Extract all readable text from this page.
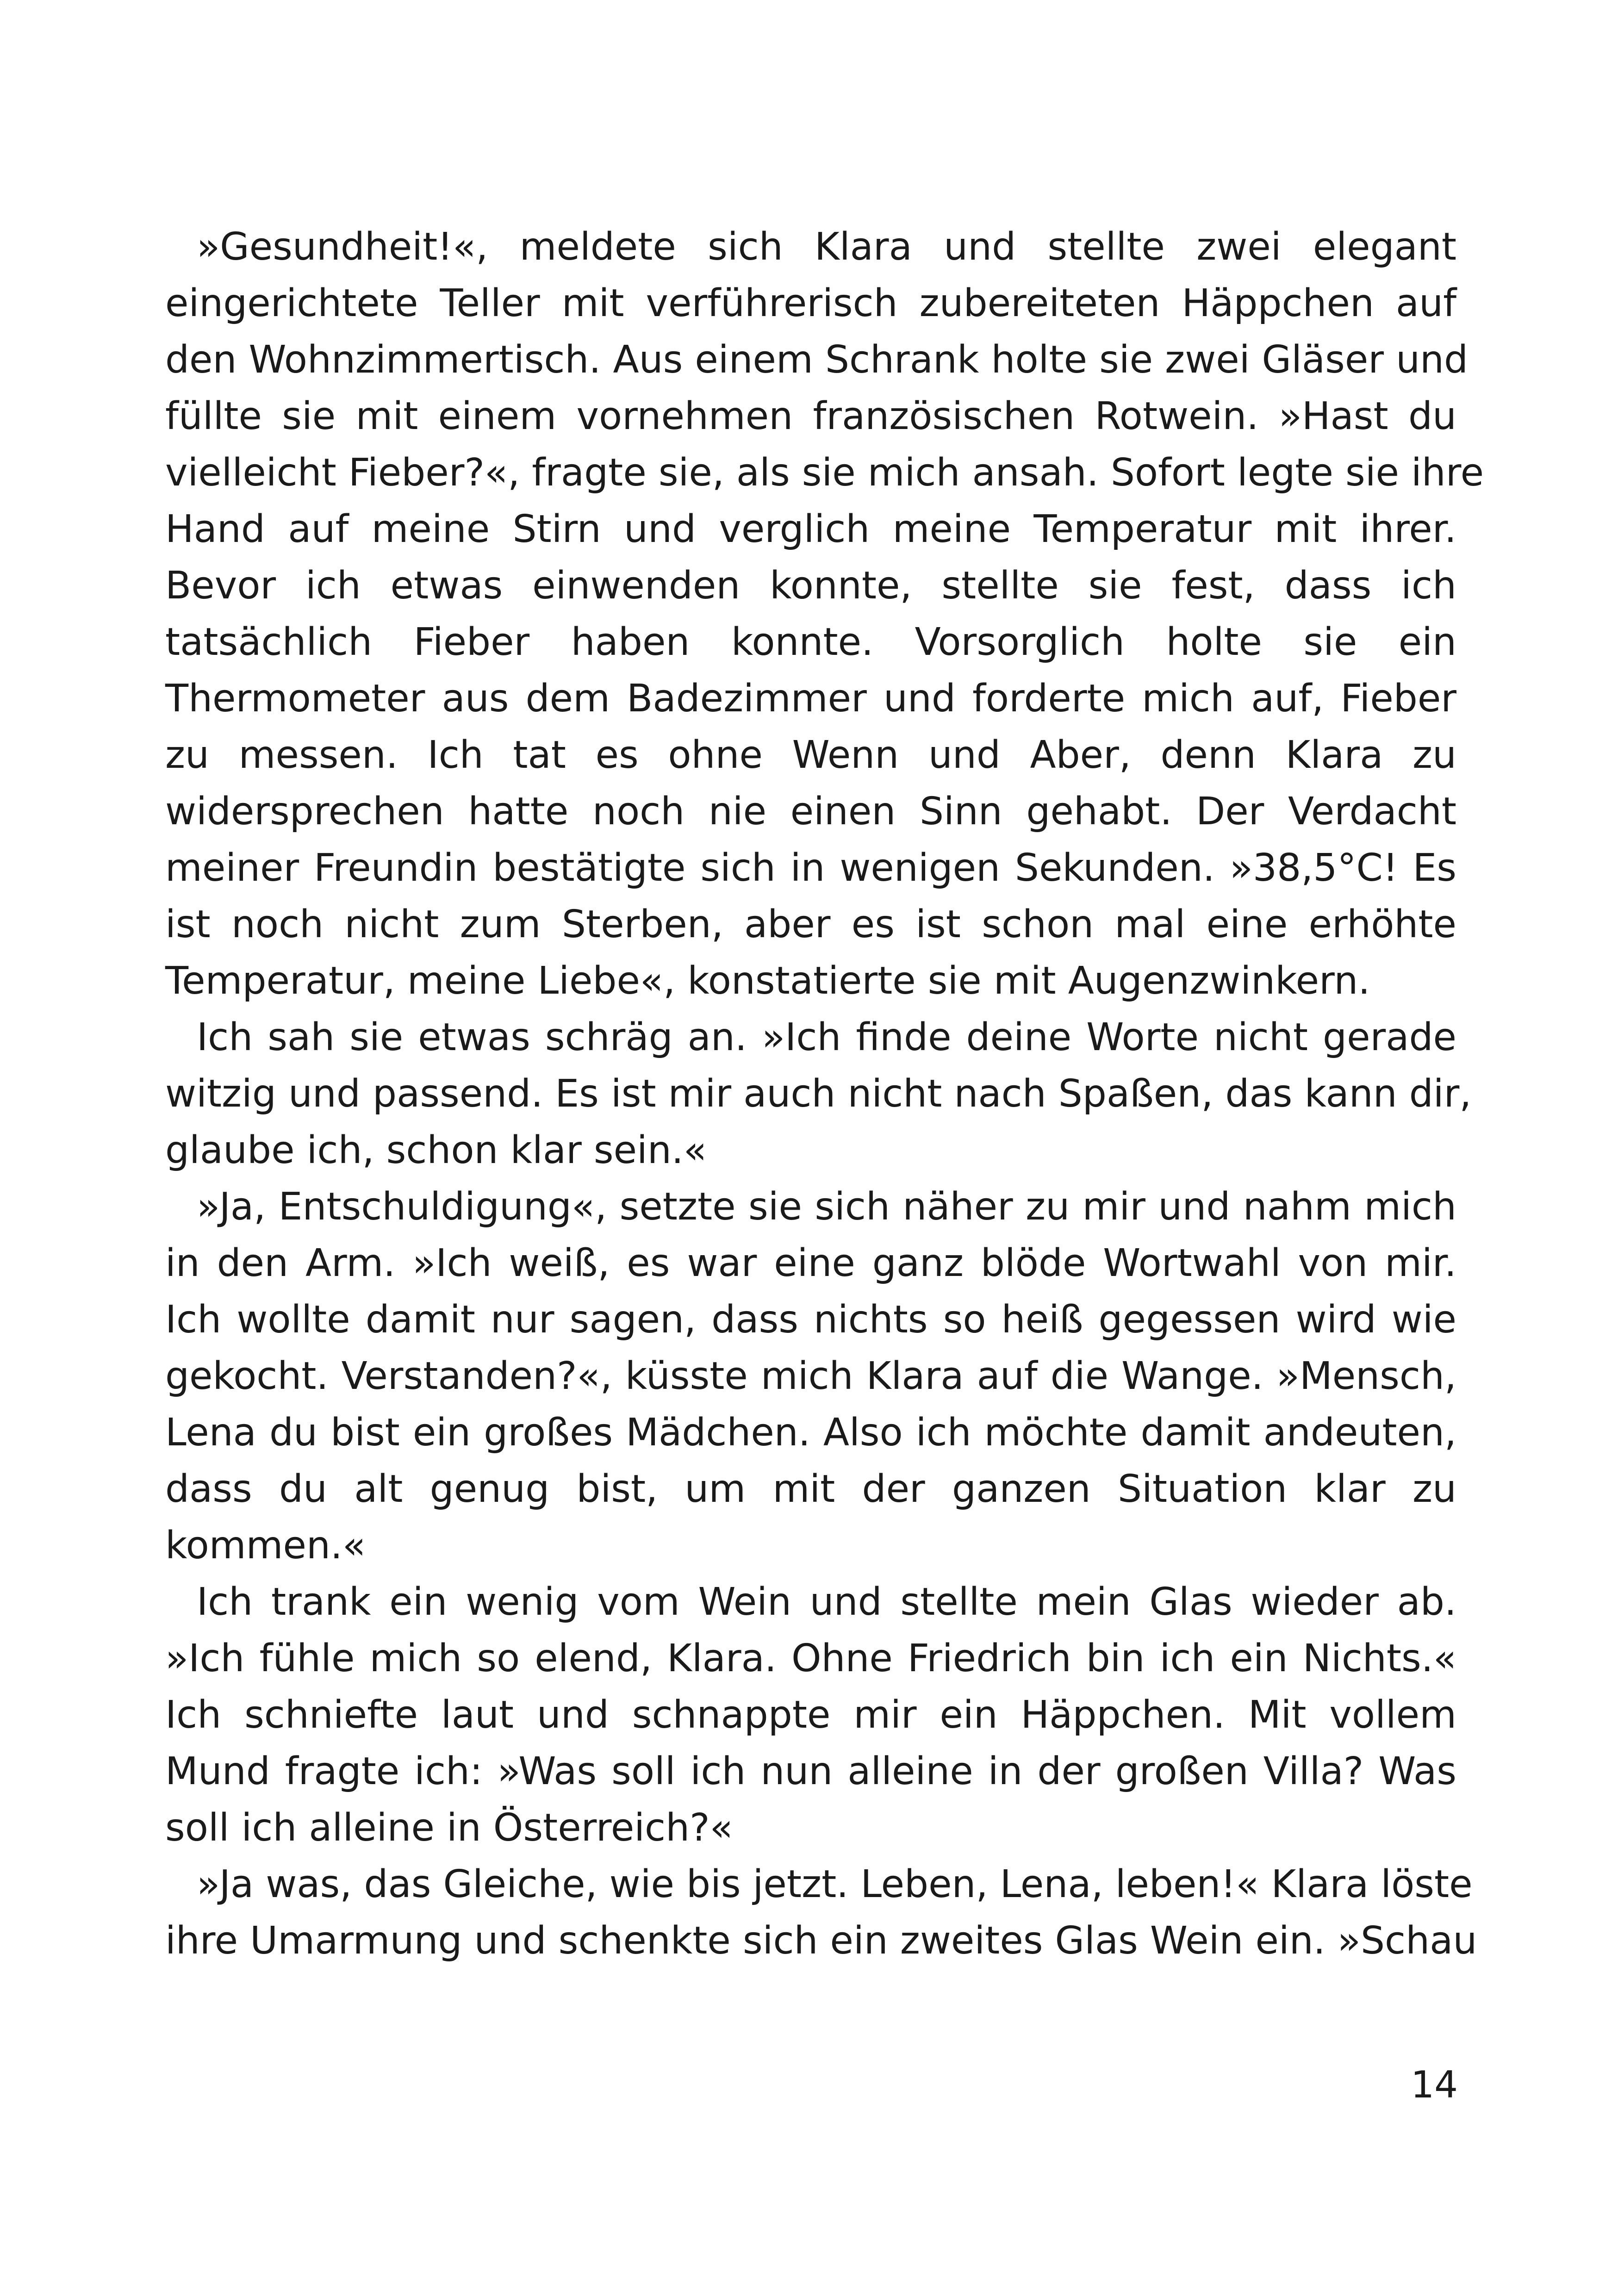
»Gesundheit!«, meldete sich Klara und stellte zwei elegant
eingerichtete Teller mit verführerisch zubereiteten Häppchen auf
den Wohnzimmertisch. Aus einem Schrank holte sie zwei Gläser und
füllte sie mit einem vornehmen französischen Rotwein. »Hast du
vielleicht Fieber?«, fragte sie, als sie mich ansah. Sofort legte sie ihre
Hand auf meine Stirn und verglich meine Temperatur mit ihrer.
Bevor ich etwas einwenden konnte, stellte sie fest, dass ich
tatsächlich Fieber haben konnte. Vorsorglich holte sie ein
Thermometer aus dem Badezimmer und forderte mich auf, Fieber
zu messen. Ich tat es ohne Wenn und Aber, denn Klara zu
widersprechen hatte noch nie einen Sinn gehabt. Der Verdacht
meiner Freundin bestätigte sich in wenigen Sekunden. »38,5°C! Es
ist noch nicht zum Sterben, aber es ist schon mal eine erhöhte
Temperatur, meine Liebe«, konstatierte sie mit Augenzwinkern.
Ich sah sie etwas schräg an. »Ich finde deine Worte nicht gerade
witzig und passend. Es ist mir auch nicht nach Spaßen, das kann dir,
glaube ich, schon klar sein.«
»Ja, Entschuldigung«, setzte sie sich näher zu mir und nahm mich
in den Arm. »Ich weiß, es war eine ganz blöde Wortwahl von mir.
Ich wollte damit nur sagen, dass nichts so heiß gegessen wird wie
gekocht. Verstanden?«, küsste mich Klara auf die Wange. »Mensch,
Lena du bist ein großes Mädchen. Also ich möchte damit andeuten,
dass du alt genug bist, um mit der ganzen Situation klar zu
kommen.«
Ich trank ein wenig vom Wein und stellte mein Glas wieder ab.
»Ich fühle mich so elend, Klara. Ohne Friedrich bin ich ein Nichts.«
Ich schniefte laut und schnappte mir ein Häppchen. Mit vollem
Mund fragte ich: »Was soll ich nun alleine in der großen Villa? Was
soll ich alleine in Österreich?«
»Ja was, das Gleiche, wie bis jetzt. Leben, Lena, leben!« Klara löste
ihre Umarmung und schenkte sich ein zweites Glas Wein ein. »Schau
14
